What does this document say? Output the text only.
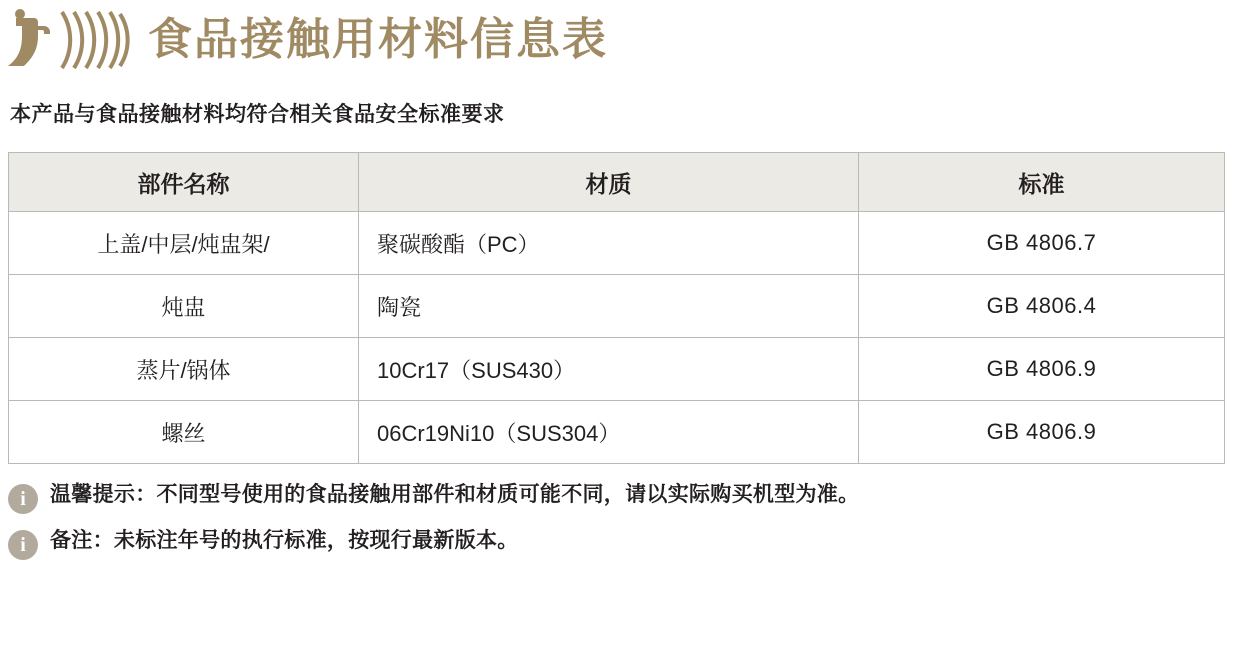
食品接触用材料信息表
本产品与食品接触材料均符合相关食品安全标准要求
部件名称	材质	标准
上盖/中层/炖盅架/	聚碳酸酯（PC）	GB 4806.7
炖盅	陶瓷	GB 4806.4
蒸片/锅体	10Cr17（SUS430）	GB 4806.9
螺丝	06Cr19Ni10（SUS304）	GB 4806.9
i	温馨提示：不同型号使用的食品接触用部件和材质可能不同，请以实际购买机型为准。
i	备注：未标注年号的执行标准，按现行最新版本。
